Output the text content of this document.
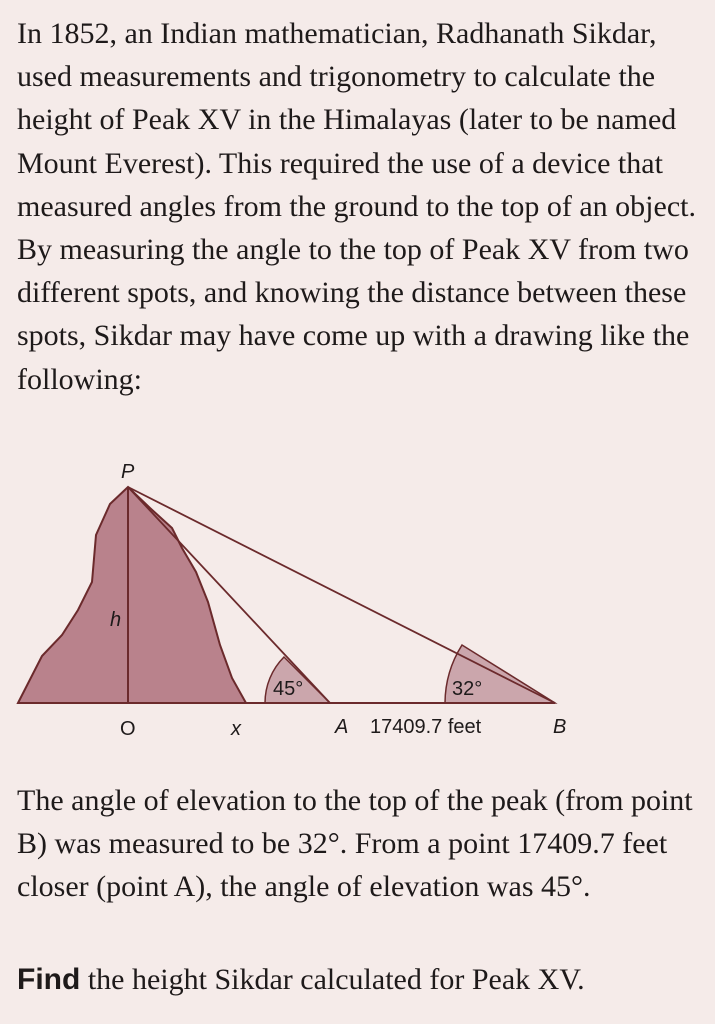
In 1852, an Indian mathematician, Radhanath Sikdar, used measurements and trigonometry to calculate the height of Peak XV in the Himalayas (later to be named Mount Everest). This required the use of a device that measured angles from the ground to the top of an object. By measuring the angle to the top of Peak XV from two different spots, and knowing the distance between these spots, Sikdar may have come up with a drawing like the following:

P
h
45°	32°
O	x	A 17409.7 feet	B

The angle of elevation to the top of the peak (from point B) was measured to be 32°. From a point 17409.7 feet closer (point A), the angle of elevation was 45°.

Find the height Sikdar calculated for Peak XV.
